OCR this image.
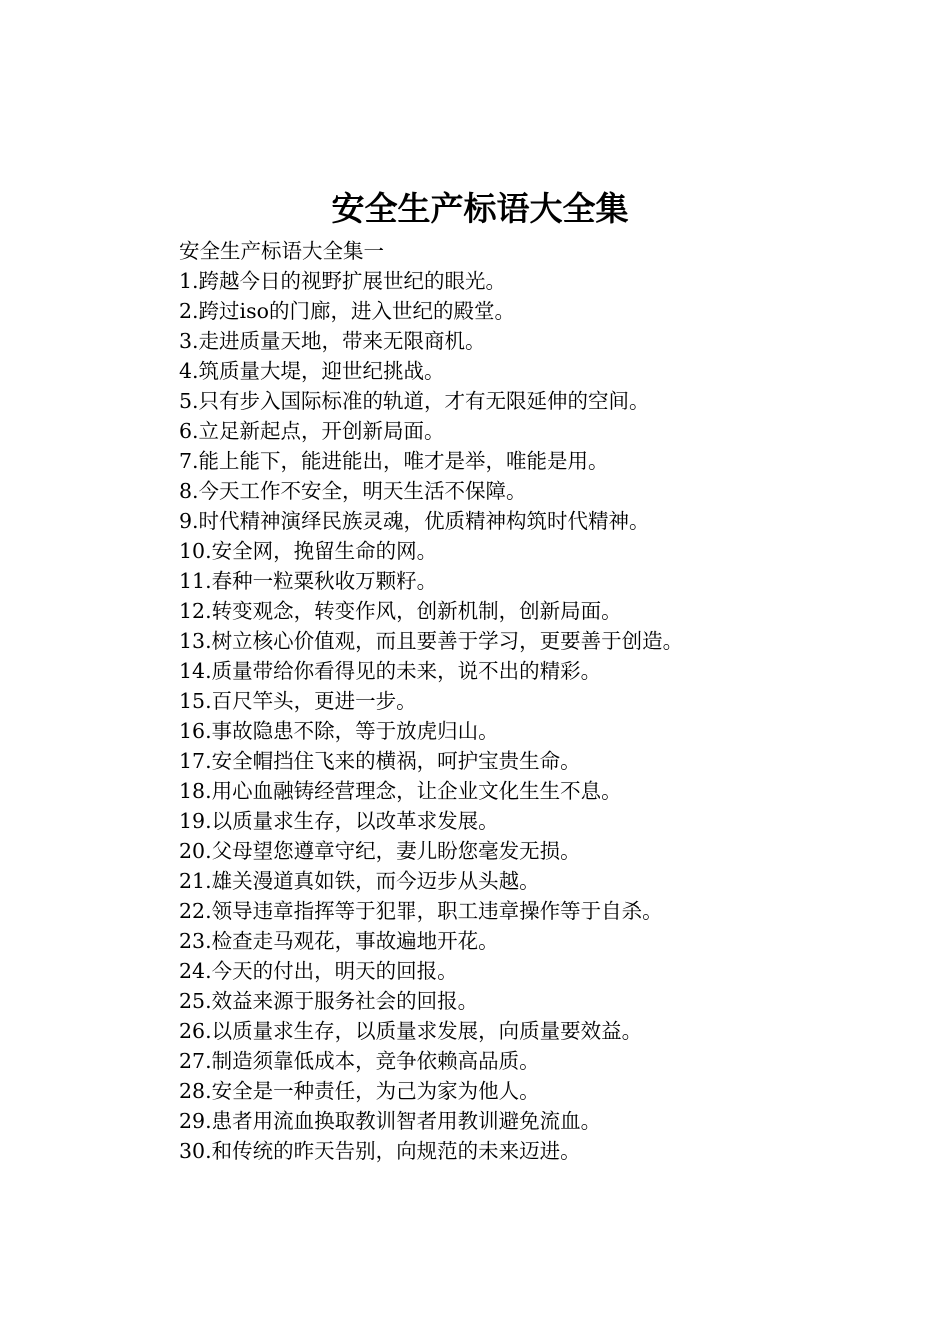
安全生产标语大全集

安全生产标语大全集一

1.跨越今日的视野扩展世纪的眼光。

2.跨过iso的门廊，进入世纪的殿堂。

3.走进质量天地，带来无限商机。

4.筑质量大堤，迎世纪挑战。

5.只有步入国际标准的轨道，才有无限延伸的空间。

6.立足新起点，开创新局面。

7.能上能下，能进能出，唯才是举，唯能是用。

8.今天工作不安全，明天生活不保障。

9.时代精神演绎民族灵魂，优质精神构筑时代精神。

10.安全网，挽留生命的网。

11.春种一粒粟秋收万颗籽。

12.转变观念，转变作风，创新机制，创新局面。

13.树立核心价值观，而且要善于学习，更要善于创造。

14.质量带给你看得见的未来，说不出的精彩。

15.百尺竿头，更进一步。

16.事故隐患不除，等于放虎归山。

17.安全帽挡住飞来的横祸，呵护宝贵生命。

18.用心血融铸经营理念，让企业文化生生不息。

19.以质量求生存，以改革求发展。

20.父母望您遵章守纪，妻儿盼您毫发无损。

21.雄关漫道真如铁，而今迈步从头越。

22.领导违章指挥等于犯罪，职工违章操作等于自杀。

23.检查走马观花，事故遍地开花。

24.今天的付出，明天的回报。

25.效益来源于服务社会的回报。

26.以质量求生存，以质量求发展，向质量要效益。

27.制造须靠低成本，竞争依赖高品质。

28.安全是一种责任，为己为家为他人。

29.患者用流血换取教训智者用教训避免流血。

30.和传统的昨天告别，向规范的未来迈进。
